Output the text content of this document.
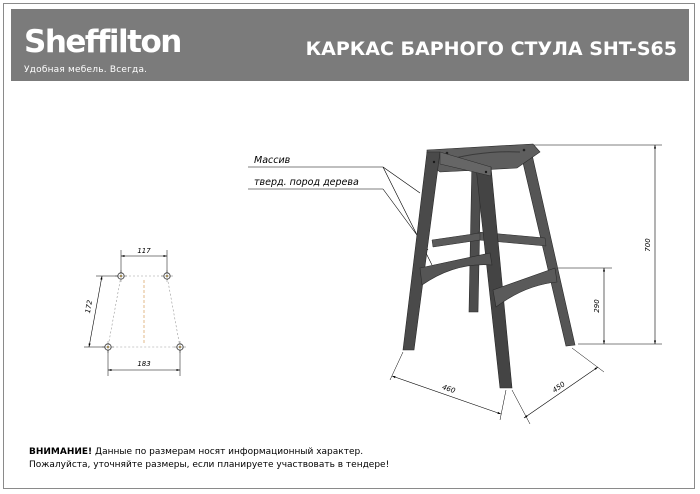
Sheffilton
Удобная мебель. Всегда.
КАРКАС БАРНОГО СТУЛА SHT-S65
117
172
183
Массив
тверд. пород дерева
700
290
460	450
ВНИМАНИЕ! Данные по размерам носят информационный характер.
Пожалуйста, уточняйте размеры, если планируете участвовать в тендере!
